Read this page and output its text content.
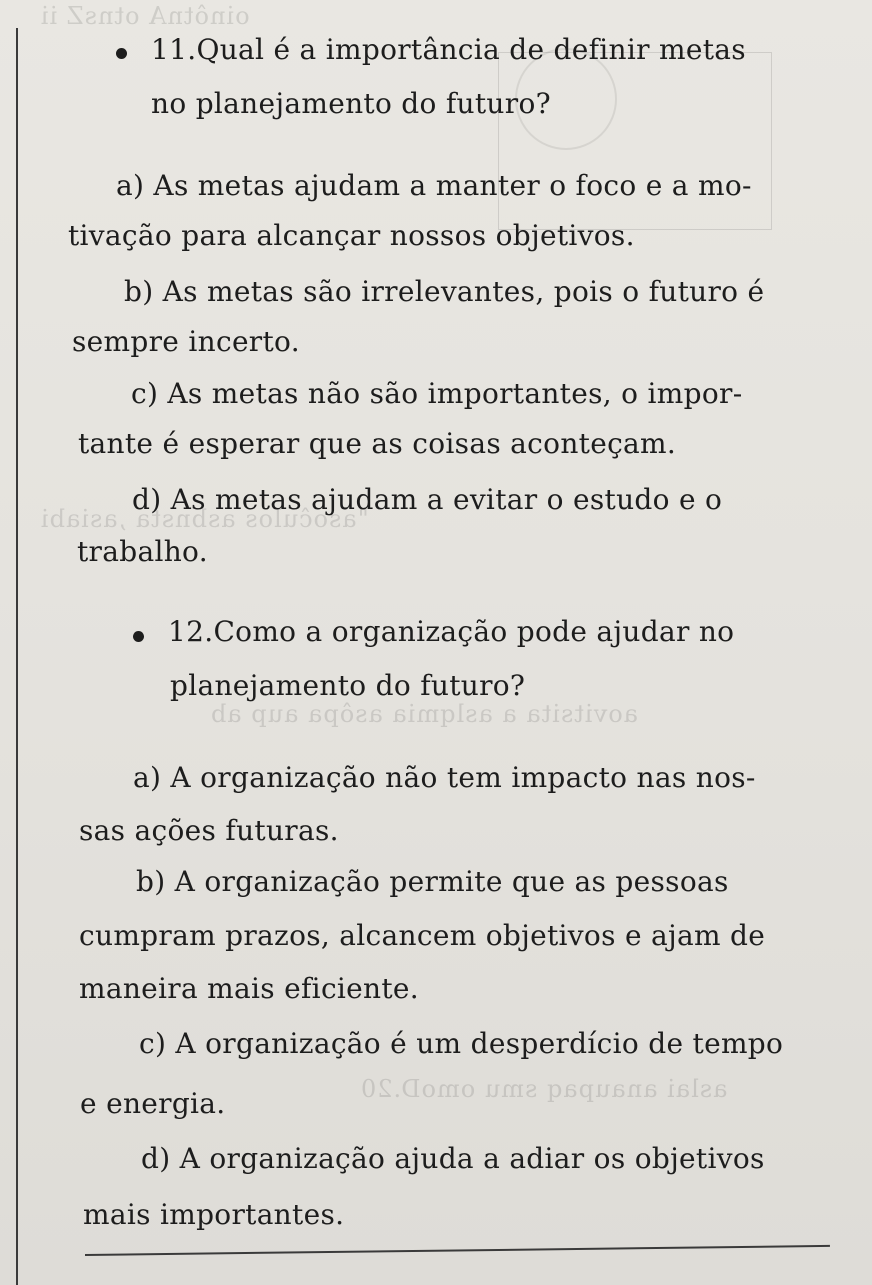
oinôtnA otnsZ ii
"asoĉulos asbnsta ,asiabi
aovitsita a aslqmia asôpa aup ab
aslai anaupaq smu omoD.20
11.Qual é a importância de definir metas
no planejamento do futuro?
a) As metas ajudam a manter o foco e a mo-
tivação para alcançar nossos objetivos.
b) As metas são irrelevantes, pois o futuro é
sempre incerto.
c) As metas não são importantes, o impor-
tante é esperar que as coisas aconteçam.
d) As metas ajudam a evitar o estudo e o
trabalho.
12.Como a organização pode ajudar no
planejamento do futuro?
a) A organização não tem impacto nas nos-
sas ações futuras.
b) A organização permite que as pessoas
cumpram prazos, alcancem objetivos e ajam de
maneira mais eficiente.
c) A organização é um desperdício de tempo
e energia.
d) A organização ajuda a adiar os objetivos
mais importantes.
